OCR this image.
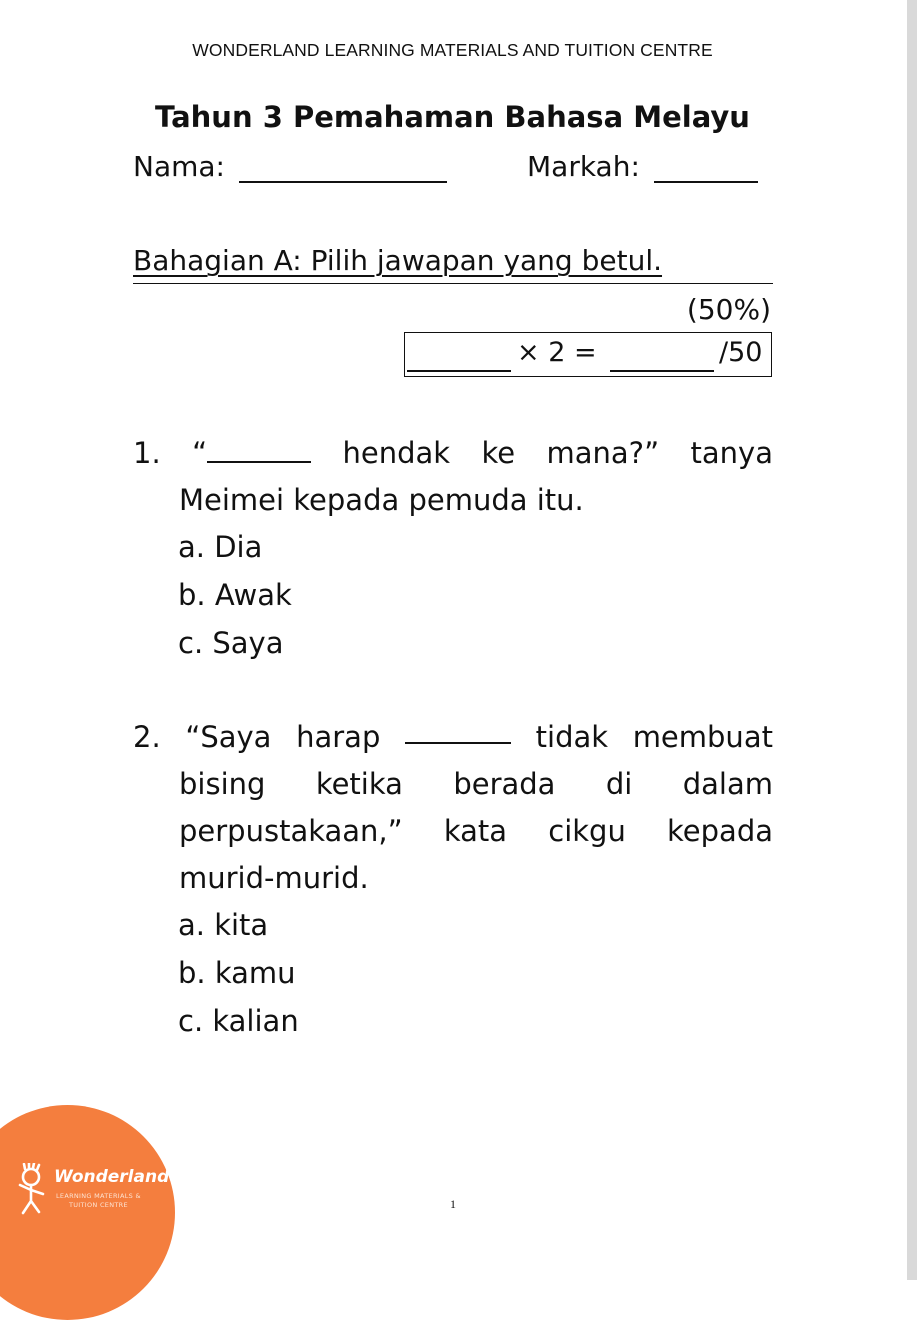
WONDERLAND LEARNING MATERIALS AND TUITION CENTRE
Tahun 3 Pemahaman Bahasa Melayu
Nama:	Markah:
Bahagian A: Pilih jawapan yang betul.
(50%)
× 2 =	/50
1. “	hendak ke mana?” tanya
Meimei kepada pemuda itu.
a. Dia
b. Awak
c. Saya
2. “Saya harap	tidak membuat
bising ketika berada di dalam
perpustakaan,” kata cikgu kepada
murid-murid.
a. kita
b. kamu
c. kalian
Wonderland
LEARNING MATERIALS &
TUITION CENTRE	1
